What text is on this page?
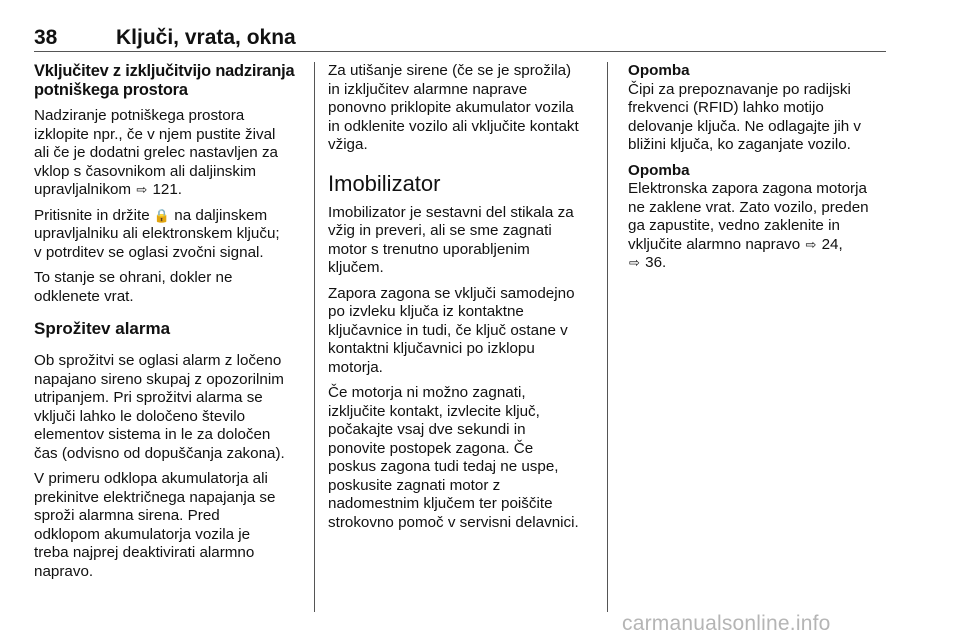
38	Ključi, vrata, okna
Vključitev z izključitvijo nadziranja
potniškega prostora
Nadziranje potniškega prostora
izklopite npr., če v njem pustite žival
ali če je dodatni grelec nastavljen za
vklop s časovnikom ali daljinskim
upravljalnikom ⇨ 121.
Pritisnite in držite 🔒 na daljinskem
upravljalniku ali elektronskem ključu;
v potrditev se oglasi zvočni signal.
To stanje se ohrani, dokler ne
odklenete vrat.
Sprožitev alarma
Ob sprožitvi se oglasi alarm z ločeno
napajano sireno skupaj z opozorilnim
utripanjem. Pri sprožitvi alarma se
vključi lahko le določeno število
elementov sistema in le za določen
čas (odvisno od dopuščanja zakona).
V primeru odklopa akumulatorja ali
prekinitve električnega napajanja se
sproži alarmna sirena. Pred
odklopom akumulatorja vozila je
treba najprej deaktivirati alarmno
napravo.
Za utišanje sirene (če se je sprožila)
in izključitev alarmne naprave
ponovno priklopite akumulator vozila
in odklenite vozilo ali vključite kontakt
vžiga.
Imobilizator
Imobilizator je sestavni del stikala za
vžig in preveri, ali se sme zagnati
motor s trenutno uporabljenim
ključem.
Zapora zagona se vključi samodejno
po izvleku ključa iz kontaktne
ključavnice in tudi, če ključ ostane v
kontaktni ključavnici po izklopu
motorja.
Če motorja ni možno zagnati,
izključite kontakt, izvlecite ključ,
počakajte vsaj dve sekundi in
ponovite postopek zagona. Če
poskus zagona tudi tedaj ne uspe,
poskusite zagnati motor z
nadomestnim ključem ter poiščite
strokovno pomoč v servisni delavnici.
Opomba
Čipi za prepoznavanje po radijski
frekvenci (RFID) lahko motijo
delovanje ključa. Ne odlagajte jih v
bližini ključa, ko zaganjate vozilo.
Opomba
Elektronska zapora zagona motorja
ne zaklene vrat. Zato vozilo, preden
ga zapustite, vedno zaklenite in
vključite alarmno napravo ⇨ 24,
⇨ 36.
carmanualsonline.info
